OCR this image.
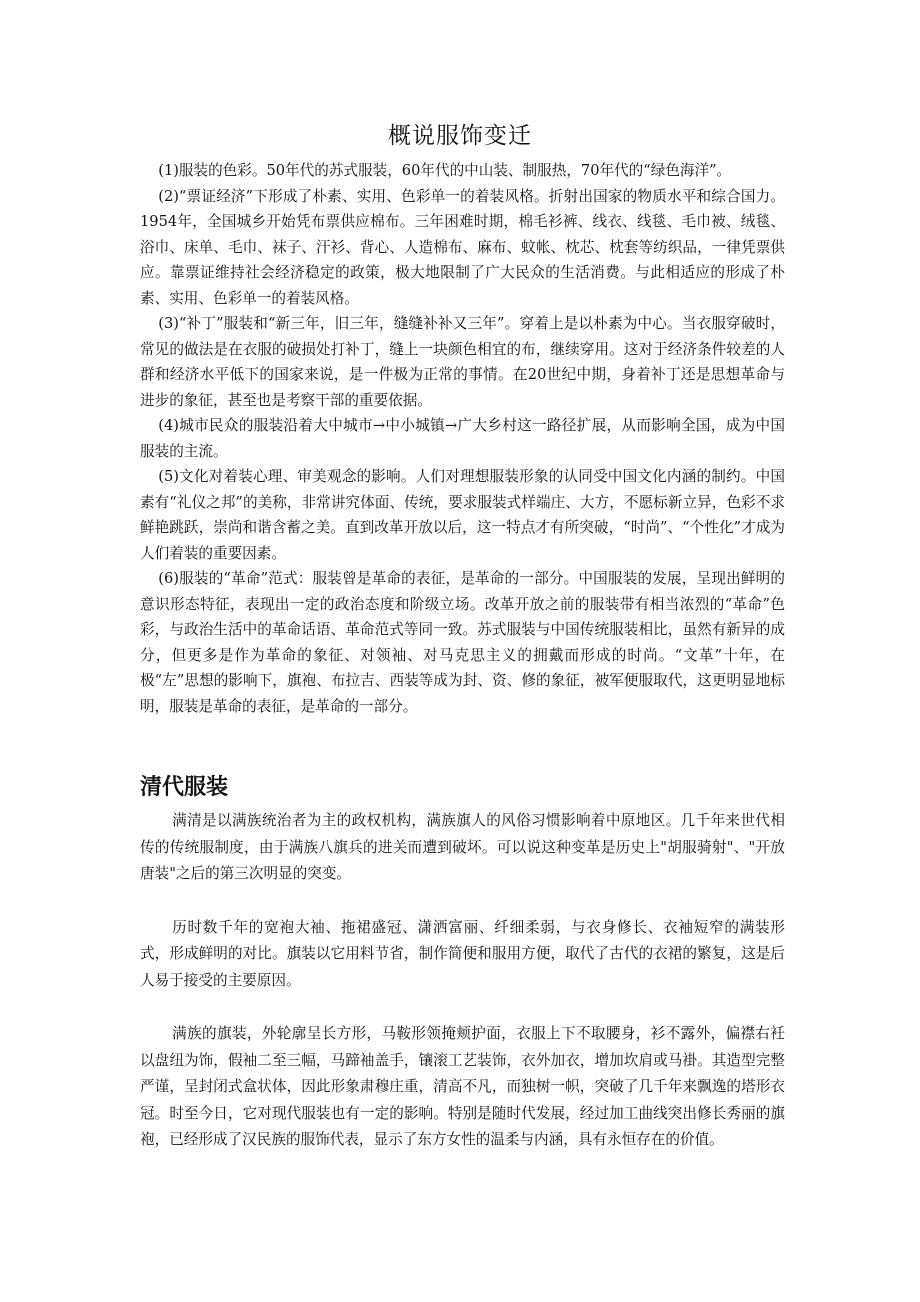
概说服饰变迁

(1)服装的色彩。50年代的苏式服装，60年代的中山装、制服热，70年代的“绿色海洋”。

(2)“票证经济”下形成了朴素、实用、色彩单一的着装风格。折射出国家的物质水平和综合国力。1954年，全国城乡开始凭布票供应棉布。三年困难时期，棉毛衫裤、线衣、线毯、毛巾被、绒毯、浴巾、床单、毛巾、袜子、汗衫、背心、人造棉布、麻布、蚊帐、枕芯、枕套等纺织品，一律凭票供应。靠票证维持社会经济稳定的政策，极大地限制了广大民众的生活消费。与此相适应的形成了朴素、实用、色彩单一的着装风格。

(3)“补丁”服装和“新三年，旧三年，缝缝补补又三年”。穿着上是以朴素为中心。当衣服穿破时，常见的做法是在衣服的破损处打补丁，缝上一块颜色相宜的布，继续穿用。这对于经济条件较差的人群和经济水平低下的国家来说，是一件极为正常的事情。在20世纪中期，身着补丁还是思想革命与进步的象征，甚至也是考察干部的重要依据。

(4)城市民众的服装沿着大中城市→中小城镇→广大乡村这一路径扩展，从而影响全国，成为中国服装的主流。

(5)文化对着装心理、审美观念的影响。人们对理想服装形象的认同受中国文化内涵的制约。中国素有“礼仪之邦”的美称，非常讲究体面、传统，要求服装式样端庄、大方，不愿标新立异，色彩不求鲜艳跳跃，崇尚和谐含蓄之美。直到改革开放以后，这一特点才有所突破，“时尚”、“个性化”才成为人们着装的重要因素。

(6)服装的“革命”范式：服装曾是革命的表征，是革命的一部分。中国服装的发展，呈现出鲜明的意识形态特征，表现出一定的政治态度和阶级立场。改革开放之前的服装带有相当浓烈的“革命”色彩，与政治生活中的革命话语、革命范式等同一致。苏式服装与中国传统服装相比，虽然有新异的成分，但更多是作为革命的象征、对领袖、对马克思主义的拥戴而形成的时尚。“文革”十年，在极“左”思想的影响下，旗袍、布拉吉、西装等成为封、资、修的象征，被军便服取代，这更明显地标明，服装是革命的表征，是革命的一部分。

清代服装

满清是以满族统治者为主的政权机构，满族旗人的风俗习惯影响着中原地区。几千年来世代相传的传统服制度，由于满族八旗兵的进关而遭到破坏。可以说这种变革是历史上"胡服骑射"、"开放唐装"之后的第三次明显的突变。

历时数千年的宽袍大袖、拖裙盛冠、潇洒富丽、纤细柔弱，与衣身修长、衣袖短窄的满装形式，形成鲜明的对比。旗装以它用料节省，制作简便和服用方便，取代了古代的衣裙的繁复，这是后人易于接受的主要原因。

满族的旗装，外轮廓呈长方形，马鞍形领掩颊护面，衣服上下不取腰身，衫不露外，偏襟右衽以盘纽为饰，假袖二至三幅，马蹄袖盖手，镶滚工艺装饰，衣外加衣，增加坎肩或马褂。其造型完整严谨，呈封闭式盒状体，因此形象肃穆庄重，清高不凡，而独树一帜，突破了几千年来飘逸的塔形衣冠。时至今日，它对现代服装也有一定的影响。特别是随时代发展，经过加工曲线突出修长秀丽的旗袍，已经形成了汉民族的服饰代表，显示了东方女性的温柔与内涵，具有永恒存在的价值。
